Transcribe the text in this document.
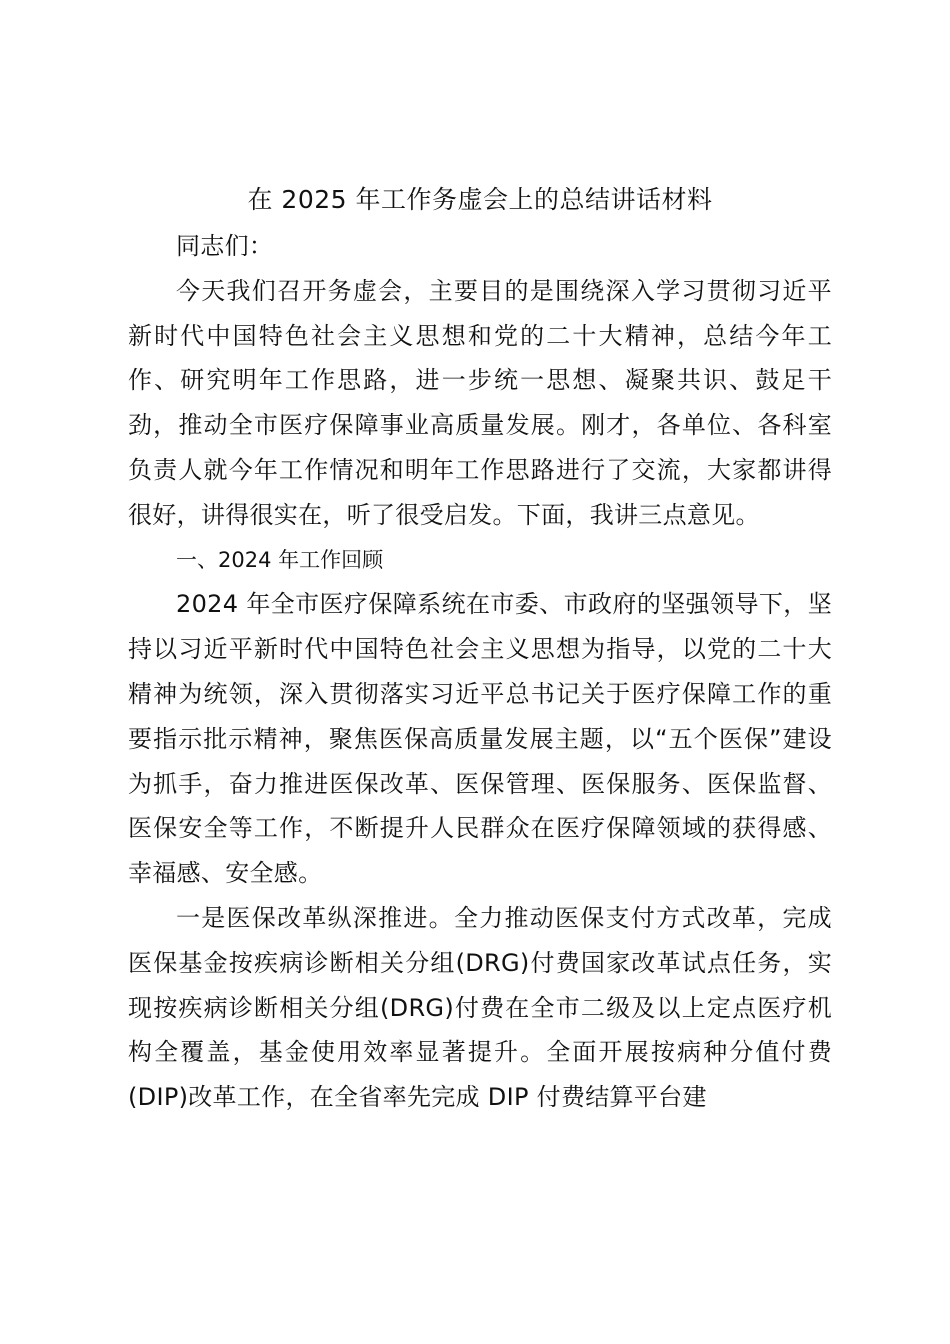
在 2025 年工作务虚会上的总结讲话材料

同志们：

今天我们召开务虚会，主要目的是围绕深入学习贯彻习近平新时代中国特色社会主义思想和党的二十大精神，总结今年工作、研究明年工作思路，进一步统一思想、凝聚共识、鼓足干劲，推动全市医疗保障事业高质量发展。刚才，各单位、各科室负责人就今年工作情况和明年工作思路进行了交流，大家都讲得很好，讲得很实在，听了很受启发。下面，我讲三点意见。

一、2024 年工作回顾

2024 年全市医疗保障系统在市委、市政府的坚强领导下，坚持以习近平新时代中国特色社会主义思想为指导，以党的二十大精神为统领，深入贯彻落实习近平总书记关于医疗保障工作的重要指示批示精神，聚焦医保高质量发展主题，以“五个医保”建设为抓手，奋力推进医保改革、医保管理、医保服务、医保监督、医保安全等工作，不断提升人民群众在医疗保障领域的获得感、幸福感、安全感。

一是医保改革纵深推进。全力推动医保支付方式改革，完成医保基金按疾病诊断相关分组(DRG)付费国家改革试点任务，实现按疾病诊断相关分组(DRG)付费在全市二级及以上定点医疗机构全覆盖，基金使用效率显著提升。全面开展按病种分值付费(DIP)改革工作，在全省率先完成 DIP 付费结算平台建
